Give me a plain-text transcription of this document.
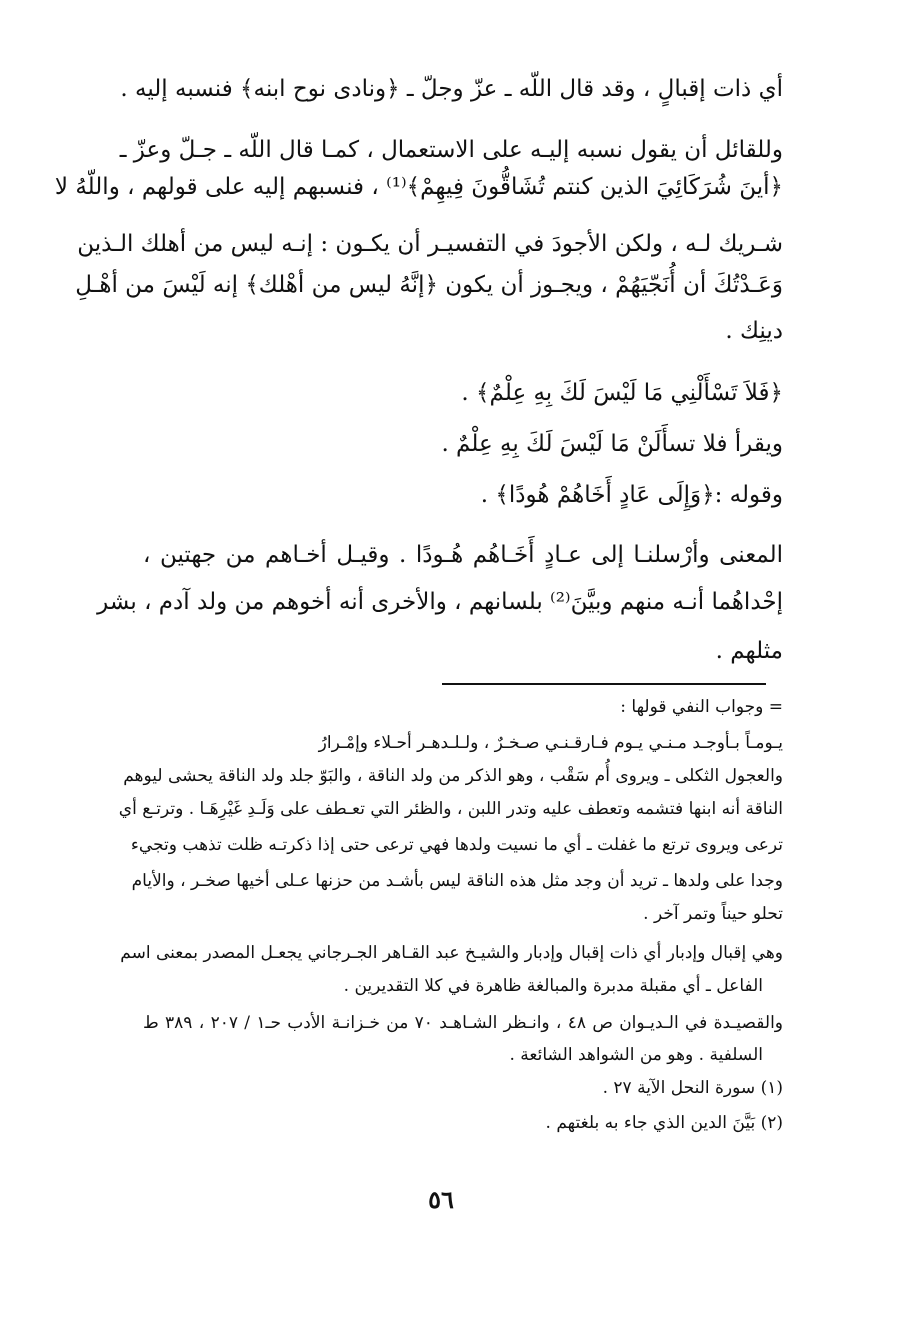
أي ذات إقبالٍ ، وقد قال اللّه ـ عزّ وجلّ ـ ﴿ونادى نوح ابنه﴾ فنسبه إليه .
وللقائل أن يقول نسبه إليـه على الاستعمال ، كمـا قال اللّه ـ جـلّ وعزّ ـ
﴿أينَ شُرَكَائِيَ الذين كنتم تُشَاقُّونَ فِيهِمْ﴾⁽¹⁾ ، فنسبهم إليه على قولهم ، واللّهُ لا
شـريك لـه ، ولكن الأجودَ في التفسيـر أن يكـون : إنـه ليس من أهلك الـذين
وَعَـدْتُكَ أن أُنَجّيَهُمْ ، ويجـوز أن يكون ﴿إنَّهُ ليس من أهْلك﴾ إنه لَيْسَ من أهْـلِ
دينِك .
﴿فَلاَ تَسْأَلْنِي مَا لَيْسَ لَكَ بِهِ عِلْمٌ﴾ .
ويقرأ فلا تسأَلَنْ مَا لَيْسَ لَكَ بِهِ عِلْمٌ .
وقوله :﴿وَإِلَى عَادٍ أَخَاهُمْ هُودًا﴾ .
المعنى وأرْسلنـا إلى عـادٍ أَخَـاهُم هُـودًا . وقيـل أخـاهم من جهتين ،
إحْداهُما أنـه منهم وبيَّنَ⁽²⁾ بلسانهم ، والأخرى أنه أخوهم من ولد آدم ، بشر
مثلهم .
= وجواب النفي قولها :
يـومـاً بـأوجـد مـنـي يـوم فـارقـنـي صـخـرٌ ، ولـلـدهـر أحـلاء وإمْـرارُ
والعجول الثكلى ـ ويروى أُم سَقْب ، وهو الذكر من ولد الناقة ، والبَوّ جلد ولد الناقة يحشى ليوهم
الناقة أنه ابنها فتشمه وتعطف عليه وتدر اللبن ، والظئر التي تعـطف على وَلَـدِ غَيْرِهَـا . وترتـع أي
ترعى ويروى ترتع ما غفلت ـ أي ما نسيت ولدها فهي ترعى حتى إذا ذكرتـه ظلت تذهب وتجيء
وجدا على ولدها ـ تريد أن وجد مثل هذه الناقة ليس بأشـد من حزنها عـلى أخيها صخـر ، والأيام
تحلو حيناً وتمر آخر .
وهي إقبال وإدبار أي ذات إقبال وإدبار والشيـخ عبد القـاهر الجـرجاني يجعـل المصدر بمعنى اسم
الفاعل ـ أي مقبلة مدبرة والمبالغة ظاهرة في كلا التقديرين .
والقصيـدة في الـديـوان ص ٤٨ ، وانـظر الشـاهـد ٧٠ من خـزانـة الأدب حـ١ / ٢٠٧ ، ٣٨٩ ط
السلفية . وهو من الشواهد الشائعة .
(١) سورة النحل الآية ٢٧ .
(٢) بَيَّنَ الدين الذي جاء به بلغتهم .
٥٦
